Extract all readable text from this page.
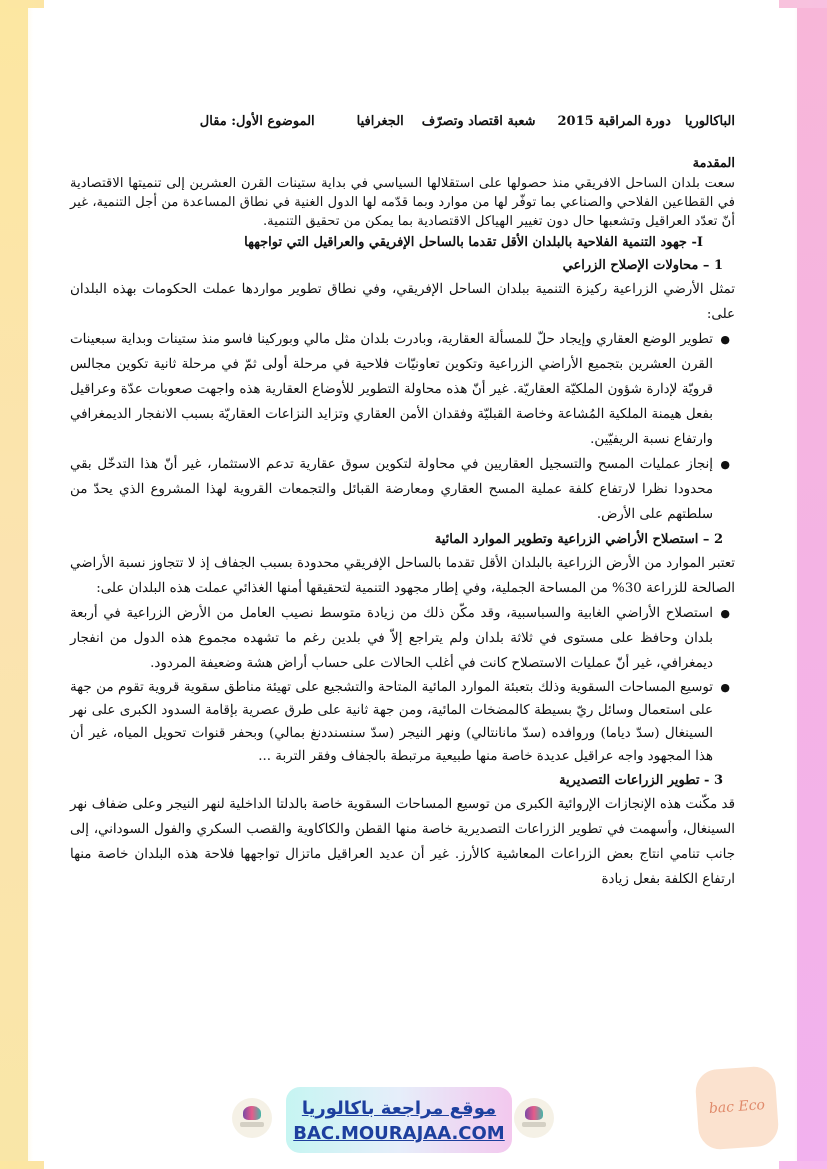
الباكالوريا
دورة المراقبة 2015
شعبة اقتصاد وتصرّف
الجغرافيا
الموضوع الأول: مقال

المقدمة

سعت بلدان الساحل الافريقي منذ حصولها على استقلالها السياسي في بداية ستينات القرن العشرين إلى تنميتها الاقتصادية في القطاعين الفلاحي والصناعي بما توفّر لها من موارد وبما قدّمه لها الدول الغنية في نطاق المساعدة من أجل التنمية، غير أنّ تعدّد العراقيل وتشعبها حال دون تغيير الهياكل الاقتصادية بما يمكن من تحقيق التنمية.

I- جهود التنمية الفلاحية بالبلدان الأقل تقدما بالساحل الإفريقي والعراقيل التي تواجهها

1 – محاولات الإصلاح الزراعي

تمثل الأرضي الزراعية ركيزة التنمية ببلدان الساحل الإفريقي، وفي نطاق تطوير مواردها عملت الحكومات بهذه البلدان على:

●
تطوير الوضع العقاري وإيجاد حلّ للمسألة العقارية، وبادرت بلدان مثل مالي وبوركينا فاسو منذ ستينات وبداية سبعينات القرن العشرين بتجميع الأراضي الزراعية وتكوين تعاونيّات فلاحية في مرحلة أولى ثمّ في مرحلة ثانية تكوين مجالس قرويّة لإدارة شؤون الملكيّة العقاريّة. غير أنّ هذه محاولة التطوير للأوضاع العقارية هذه واجهت صعوبات عدّة وعراقيل بفعل هيمنة الملكية المُشاعة وخاصة القبليّة وفقدان الأمن العقاري وتزايد النزاعات العقاريّة بسبب الانفجار الديمغرافي وارتفاع نسبة الريفيّين.
●
إنجاز عمليات المسح والتسجيل العقاريين في محاولة لتكوين سوق عقارية تدعم الاستثمار، غير أنّ هذا التدخّل بقي محدودا نظرا لارتفاع كلفة عملية المسح العقاري ومعارضة القبائل والتجمعات القروية لهذا المشروع الذي يحدّ من سلطتهم على الأرض.

2 – استصلاح الأراضي الزراعية وتطوير الموارد المائية

تعتبر الموارد من الأرض الزراعية بالبلدان الأقل تقدما بالساحل الإفريقي محدودة بسبب الجفاف إذ لا تتجاوز نسبة الأراضي الصالحة للزراعة 30% من المساحة الجملية، وفي إطار مجهود التنمية لتحقيقها أمنها الغذائي عملت هذه البلدان على:

●
استصلاح الأراضي الغابية والسباسبية، وقد مكّن ذلك من زيادة متوسط نصيب العامل من الأرض الزراعية في أربعة بلدان وحافظ على مستوى في ثلاثة بلدان ولم يتراجع إلاّ في بلدين رغم ما تشهده مجموع هذه الدول من انفجار ديمغرافي، غير أنّ عمليات الاستصلاح كانت في أغلب الحالات على حساب أراض هشة وضعيفة المردود.
●
توسيع المساحات السقوية وذلك بتعبئة الموارد المائية المتاحة والتشجيع على تهيئة مناطق سقوية قروية تقوم من جهة على استعمال وسائل ريّ بسيطة كالمضخات المائية، ومن جهة ثانية على طرق عصرية بإقامة السدود الكبرى على نهر السينغال (سدّ دياما) وروافده (سدّ مانانتالي) ونهر النيجر (سدّ سنسنددنغ بمالي) وبحفر قنوات تحويل المياه، غير أن هذا المجهود واجه عراقيل عديدة خاصة منها طبيعية مرتبطة بالجفاف وفقر التربة ...

3 - تطوير الزراعات التصديرية

قد مكّنت هذه الإنجازات الإروائية الكبرى من توسيع المساحات السقوية خاصة بالدلتا الداخلية لنهر النيجر وعلى ضفاف نهر السينغال، وأسهمت في تطوير الزراعات التصديرية خاصة منها القطن والكاكاوية والقصب السكري والفول السوداني، إلى جانب تنامي انتاج بعض الزراعات المعاشية كالأرز. غير أن عديد العراقيل ماتزال تواجهها فلاحة هذه البلدان خاصة منها ارتفاع الكلفة بفعل زيادة

موقع مراجعة باكالوريا
BAC.MOURAJAA.COM
bac Eco
